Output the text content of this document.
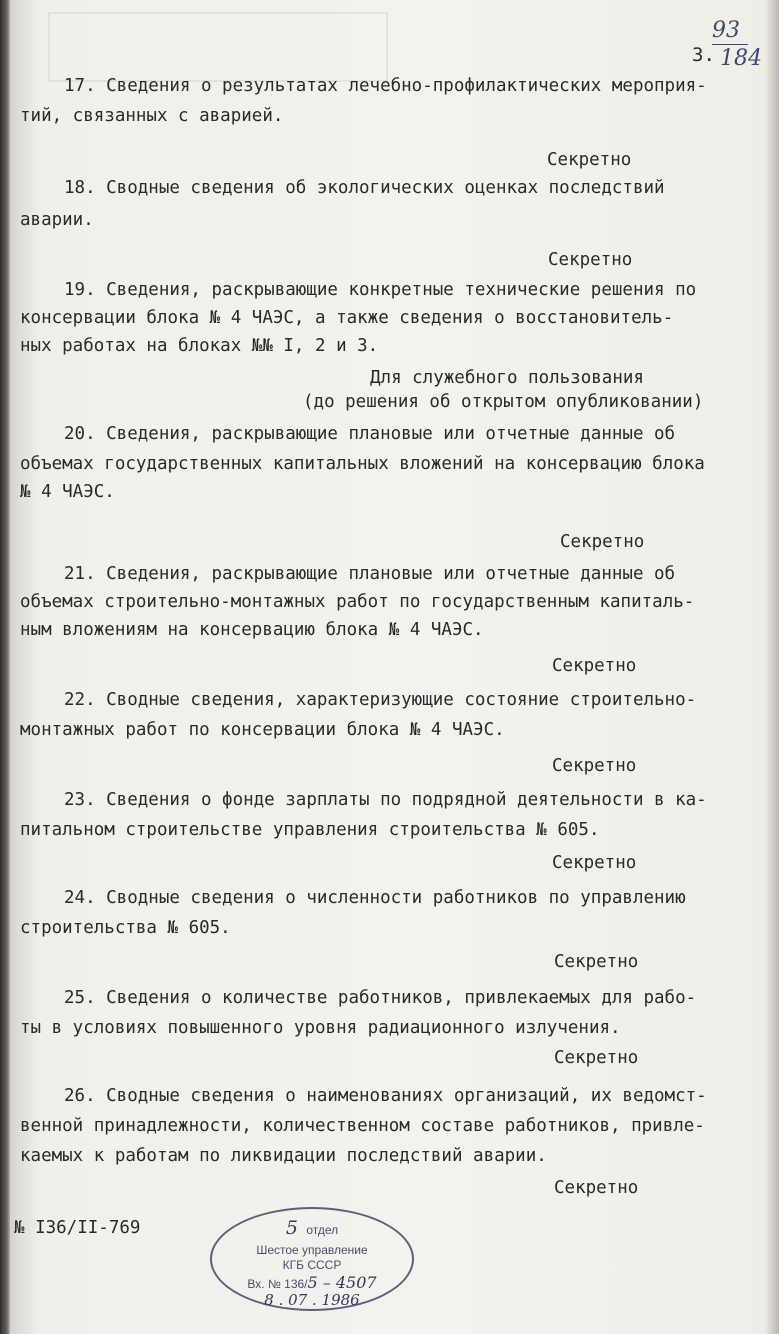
3.
93
184
17. Сведения о результатах лечебно-профилактических мероприя-
тий, связанных с аварией.
Секретно
18. Сводные сведения об экологических оценках последствий
аварии.
Секретно
19. Сведения, раскрывающие конкретные технические решения по
консервации блока № 4 ЧАЭС, а также сведения о восстановитель-
ных работах на блоках №№ I, 2 и 3.
Для служебного пользования
(до решения об открытом опубликовании)
20. Сведения, раскрывающие плановые или отчетные данные об
объемах государственных капитальных вложений на консервацию блока
№ 4 ЧАЭС.
Секретно
21. Сведения, раскрывающие плановые или отчетные данные об
объемах строительно-монтажных работ по государственным капиталь-
ным вложениям на консервацию блока № 4 ЧАЭС.
Секретно
22. Сводные сведения, характеризующие состояние строительно-
монтажных работ по консервации блока № 4 ЧАЭС.
Секретно
23. Сведения о фонде зарплаты по подрядной деятельности в ка-
питальном строительстве управления строительства № 605.
Секретно
24. Сводные сведения о численности работников по управлению
строительства № 605.
Секретно
25. Сведения о количестве работников, привлекаемых для рабо-
ты в условиях повышенного уровня радиационного излучения.
Секретно
26. Сводные сведения о наименованиях организаций, их ведомст-
венной принадлежности, количественном составе работников, привле-
каемых к работам по ликвидации последствий аварии.
Секретно
№ I36/II-769	5 отдел
Шестое управление
КГБ СССР
Вх. № 136/5 – 4507
8 . 07 . 1986
